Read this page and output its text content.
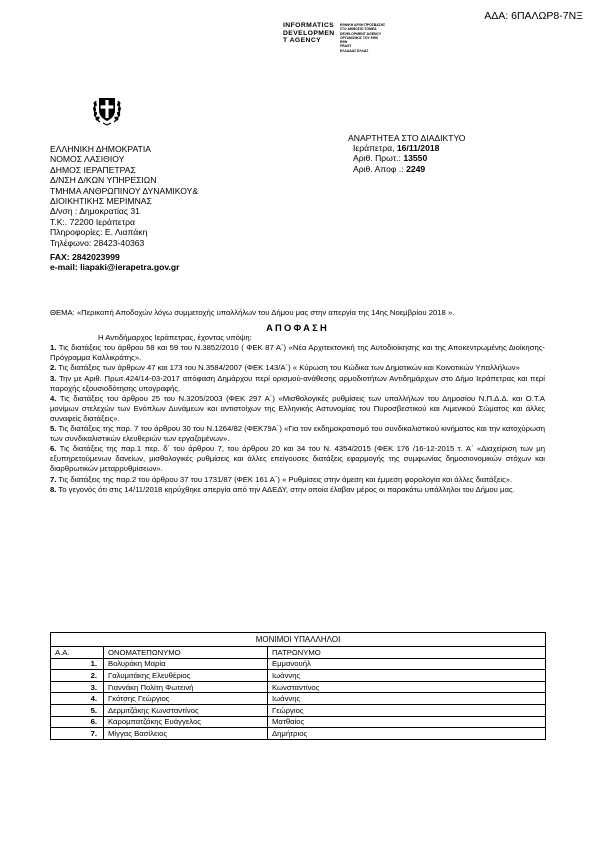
ΑΔΑ: 6ΠΑΛΩΡ8-7ΝΞ
INFORMATICS
DEVELOPMEN
T AGENCY
ΕΘΝΙΚΗ ΑΡΧΗ ΠΡΟΣΒΑΣΗΣ
ΣΤΟ ΔΗΜΟΣΙΟ ΤΟΜΕΑ
DEVELOPMENT AGENCY
ΟΡΓΑΝΙΣΜΟΣ ΤΟΥ ΕΘΝ
ΕΘΝ
FRASY
ΕΛΛΑΔΑΣ ΕΛΛΑΣ
ΕΛΛΗΝΙΚΗ ΔΗΜΟΚΡΑΤΙΑ
ΝΟΜΟΣ ΛΑΣΙΘΙΟΥ
ΔΗΜΟΣ ΙΕΡΑΠΕΤΡΑΣ
Δ/ΝΣΗ Δ/ΚΩΝ ΥΠΗΡΕΣΙΩΝ
ΤΜΗΜΑ ΑΝΘΡΩΠΙΝΟΥ ΔΥΝΑΜΙΚΟΥ&
ΔΙΟΙΚΗΤΙΚΗΣ ΜΕΡΙΜΝΑΣ
Δ/νση : Δημοκρατίας 31
Τ.Κ:. 72200 Ιεράπετρα
Πληροφορίες: Ε. Λιαπάκη
Τηλέφωνο: 28423-40363
FAX: 2842023999
e-mail: liapaki@ierapetra.gov.gr
ΑΝΑΡΤΗΤΕΑ ΣΤΟ ΔΙΑΔΙΚΤΥΟ
Ιεράπετρα, 16/11/2018
Αριθ. Πρωτ.: 13550
Αριθ. Αποφ .: 2249

ΘΕΜΑ: «Περικοπή Αποδοχών λόγω συμμετοχής υπαλλήλων του Δήμου μας στην απεργία της 14ης Νοεμβρίου 2018 ».

ΑΠΟΦΑΣΗ

Η Αντιδήμαρχος Ιεράπετρας, έχοντας υπόψη:

1. Τις διατάξεις του άρθρου 58 και 59 του Ν.3852/2010 ( ΦΕΚ 87 Α΄) «Νέα Αρχιτεκτονική της Αυτοδιοίκησης και της Αποκεντρωμένης Διοίκησης-Πρόγραμμα Καλλικράτης».

2. Τις διατάξεις των άρθρων 47 και 173 του Ν.3584/2007 (ΦΕΚ 143/Α΄) « Κύρωση του Κώδικα των Δημοτικών και Κοινοτικών Υπαλλήλων»

3. Την με Αριθ. Πρωτ.424/14-03-2017 απόφαση Δημάρχου περί ορισμού-ανάθεσης αρμοδιοτήτων Αντιδημάρχων στο Δήμο Ιεράπετρας και περί παροχής εξουσιοδότησης υπογραφής.

4. Τις διατάξεις του άρθρου 25 του Ν.3205/2003 (ΦΕΚ 297 Α΄) «Μισθολογικές ρυθμίσεις των υπαλλήλων του Δημοσίου Ν.Π.Δ.Δ. και Ο.Τ.Α μονίμων στελεχών των Ενόπλων Δυνάμεων και αντιστοίχων της Ελληνικής Αστυνομίας του Πυροσβεστικού και Λιμενικού Σώματος και άλλες συναφείς διατάξεις».

5. Τις διατάξεις της παρ. 7 του άρθρου 30 του Ν.1264/82 (ΦΕΚ79Α΄) «Για τον εκδημοκρατισμό του συνδικαλιστικού κινήματος και την κατοχύρωση των συνδικαλιστικών ελευθεριών των εργαζομένων».

6. Τις διατάξεις της παρ.1 περ. δ΄ του άρθρου 7, του άρθρου 20 και 34 του Ν. 4354/2015 (ΦΕΚ 176 /16-12-2015 τ. Α΄ «Διαχείριση των μη εξυπηρετούμενων δανείων, μισθολογικές ρυθμίσεις και άλλες επείγουσες διατάξεις εφαρμογής της συμφωνίας δημοσιονομικών στόχων και διαρθρωτικών μεταρρυθμίσεων».

7. Τις διατάξεις της παρ.2 του άρθρου 37 του 1731/87 (ΦΕΚ 161 Α΄) « Ρυθμίσεις στην άμεση και έμμεση φορολογία και άλλες διατάξεις».

8. Το γεγονός ότι στις 14/11/2018 κηρύχθηκε απεργία από την ΑΔΕΔΥ, στην οποία έλαβαν μέρος οι παρακάτω υπάλληλοι του Δήμου μας.

ΜΟΝΙΜΟΙ ΥΠΑΛΛΗΛΟΙ		
Α.Α.	ΟΝΟΜΑΤΕΠΩΝΥΜΟ	ΠΑΤΡΩΝΥΜΟ
1.	Βολυράκη Μαρία	Εμμανουήλ
2.	Γαλυμιτάκης Ελευθέριος	Ιωάννης
3.	Γιαννάκη Πολίτη Φωτεινή	Κωνσταντίνος
4.	Γκότσης Γεώργιος	Ιωάννης
5.	Δερμιτζάκης Κωνσταντίνος	Γεώργιος
6.	Καρομπατζάκης Ευάγγελος	Ματθαίος
7.	Μίγγας Βασίλειος	Δημήτριος
